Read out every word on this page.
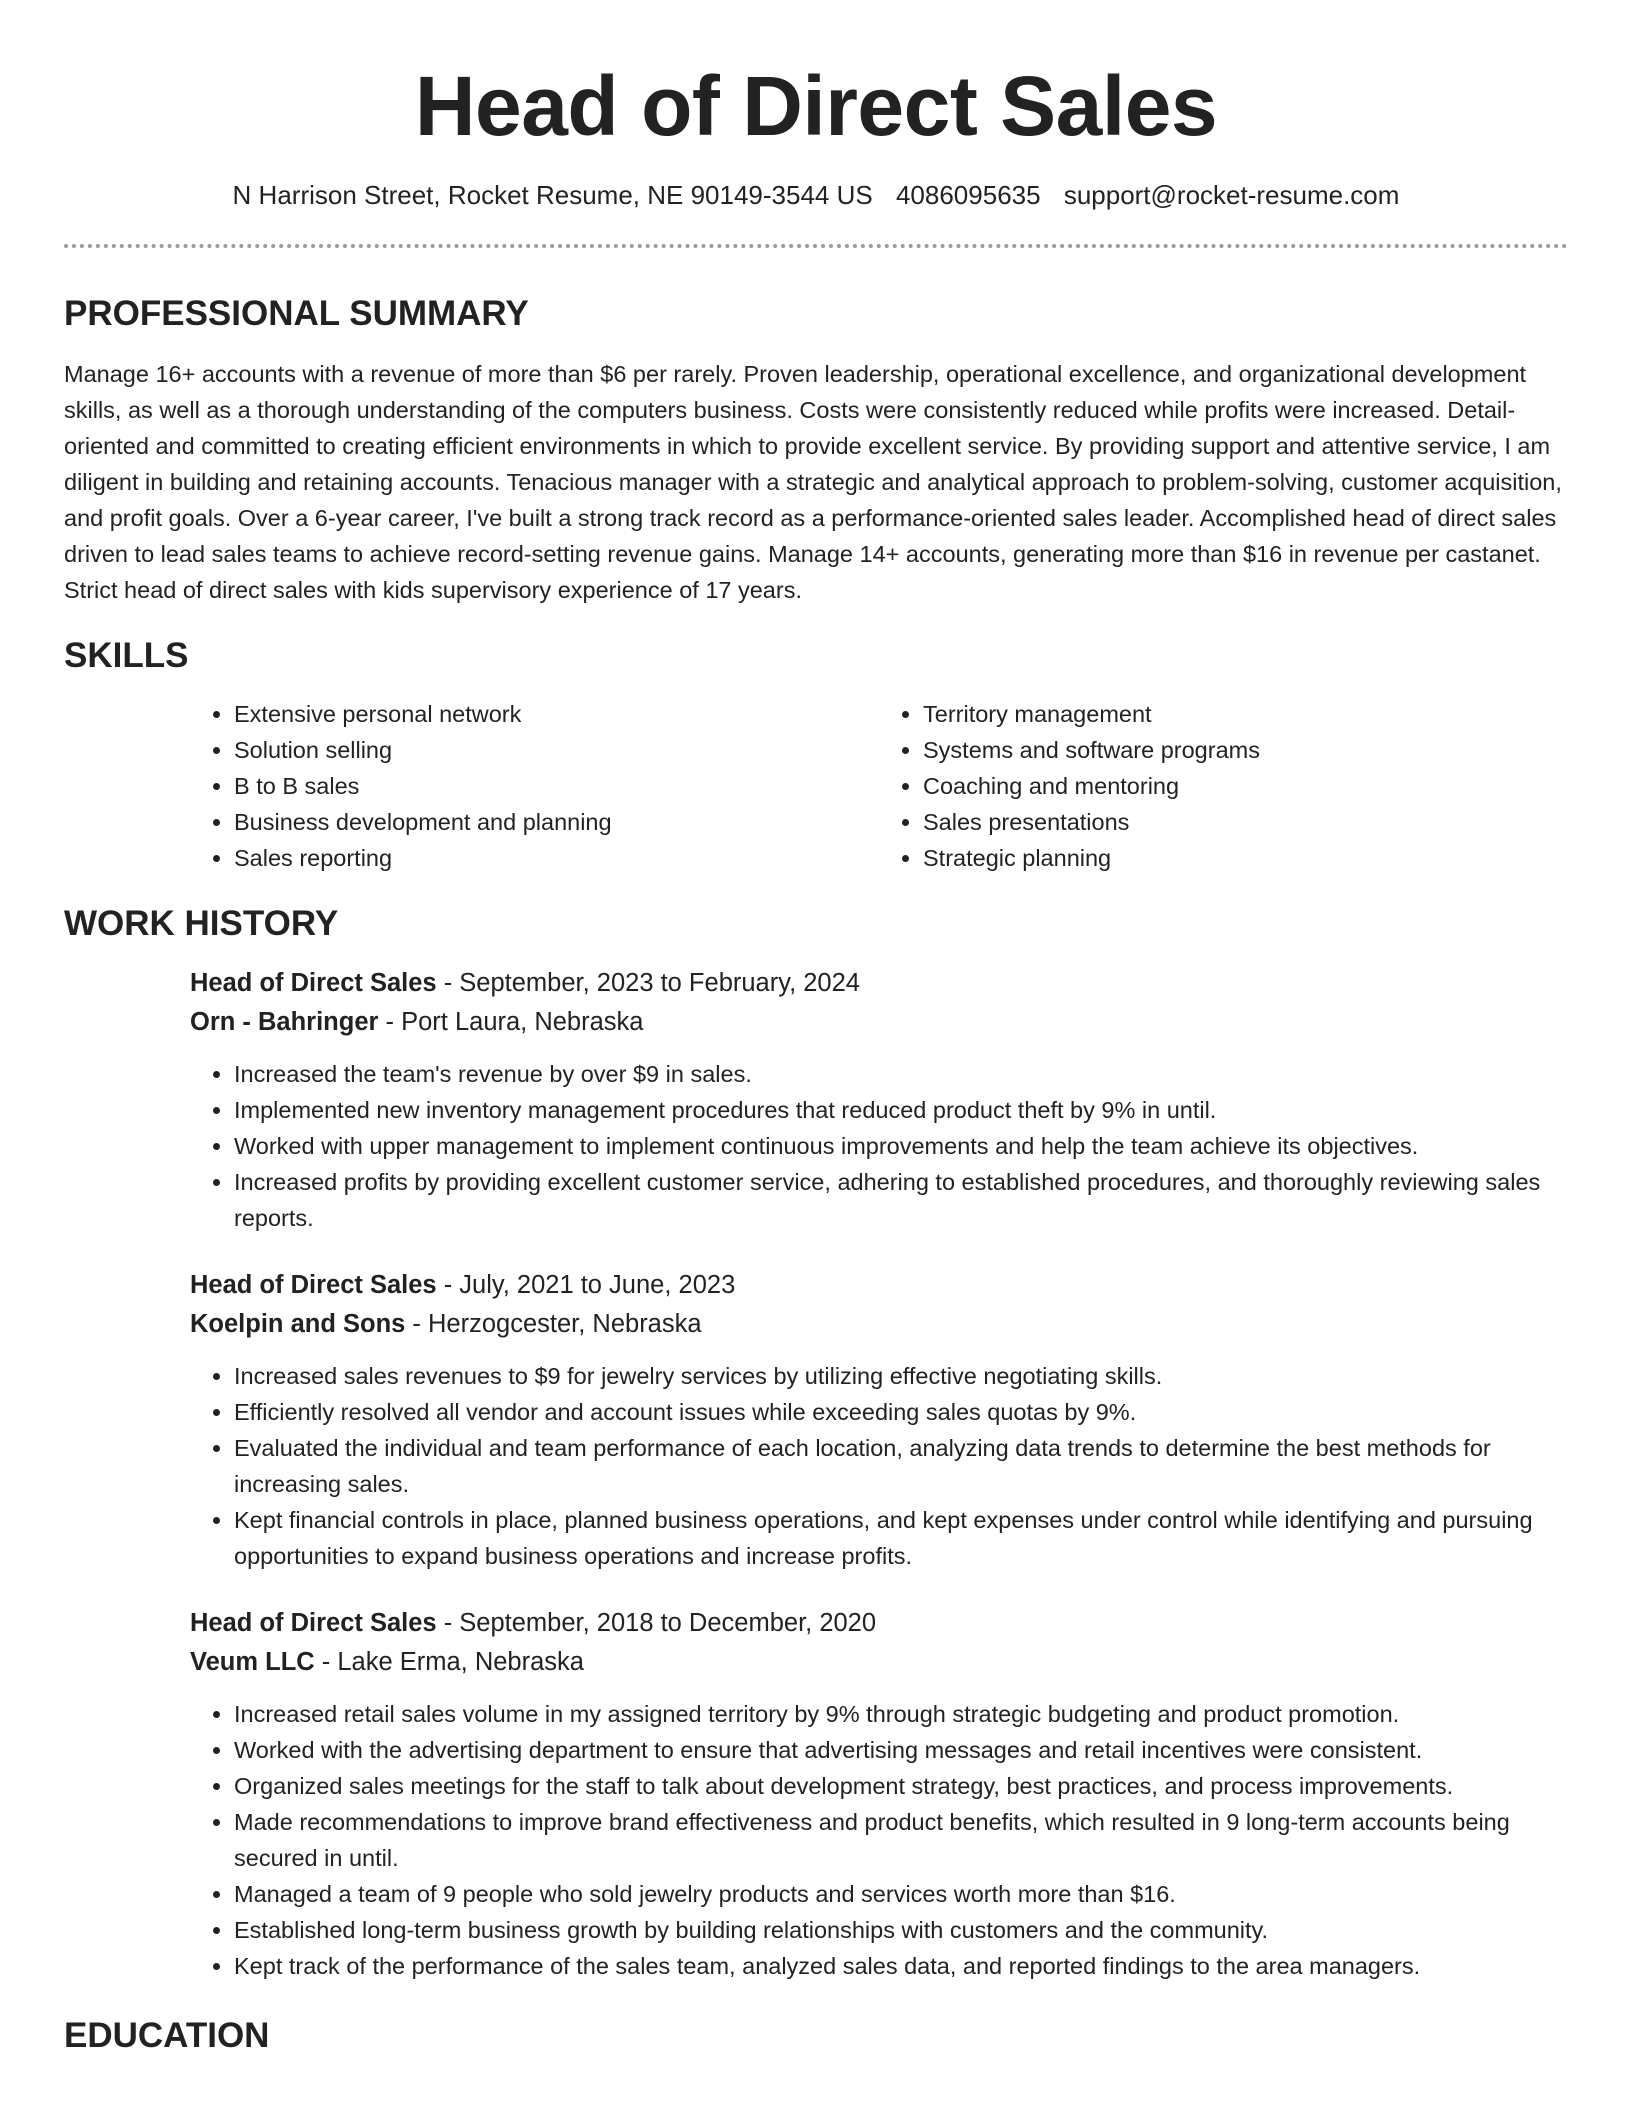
Head of Direct Sales
N Harrison Street, Rocket Resume, NE 90149-3544 US 4086095635 support@rocket-resume.com
PROFESSIONAL SUMMARY

Manage 16+ accounts with a revenue of more than $6 per rarely. Proven leadership, operational excellence, and organizational development skills, as well as a thorough understanding of the computers business. Costs were consistently reduced while profits were increased. Detail-oriented and committed to creating efficient environments in which to provide excellent service. By providing support and attentive service, I am diligent in building and retaining accounts. Tenacious manager with a strategic and analytical approach to problem-solving, customer acquisition, and profit goals. Over a 6-year career, I've built a strong track record as a performance-oriented sales leader. Accomplished head of direct sales driven to lead sales teams to achieve record-setting revenue gains. Manage 14+ accounts, generating more than $16 in revenue per castanet. Strict head of direct sales with kids supervisory experience of 17 years.

SKILLS
• Extensive personal network
• Solution selling
• B to B sales
• Business development and planning
• Sales reporting
• Territory management
• Systems and software programs
• Coaching and mentoring
• Sales presentations
• Strategic planning
WORK HISTORY
Head of Direct Sales - September, 2023 to February, 2024
Orn - Bahringer - Port Laura, Nebraska
• Increased the team's revenue by over $9 in sales.
• Implemented new inventory management procedures that reduced product theft by 9% in until.
• Worked with upper management to implement continuous improvements and help the team achieve its objectives.
• Increased profits by providing excellent customer service, adhering to established procedures, and thoroughly reviewing sales reports.
Head of Direct Sales - July, 2021 to June, 2023
Koelpin and Sons - Herzogcester, Nebraska
• Increased sales revenues to $9 for jewelry services by utilizing effective negotiating skills.
• Efficiently resolved all vendor and account issues while exceeding sales quotas by 9%.
• Evaluated the individual and team performance of each location, analyzing data trends to determine the best methods for increasing sales.
• Kept financial controls in place, planned business operations, and kept expenses under control while identifying and pursuing opportunities to expand business operations and increase profits.
Head of Direct Sales - September, 2018 to December, 2020
Veum LLC - Lake Erma, Nebraska
• Increased retail sales volume in my assigned territory by 9% through strategic budgeting and product promotion.
• Worked with the advertising department to ensure that advertising messages and retail incentives were consistent.
• Organized sales meetings for the staff to talk about development strategy, best practices, and process improvements.
• Made recommendations to improve brand effectiveness and product benefits, which resulted in 9 long-term accounts being secured in until.
• Managed a team of 9 people who sold jewelry products and services worth more than $16.
• Established long-term business growth by building relationships with customers and the community.
• Kept track of the performance of the sales team, analyzed sales data, and reported findings to the area managers.
EDUCATION
